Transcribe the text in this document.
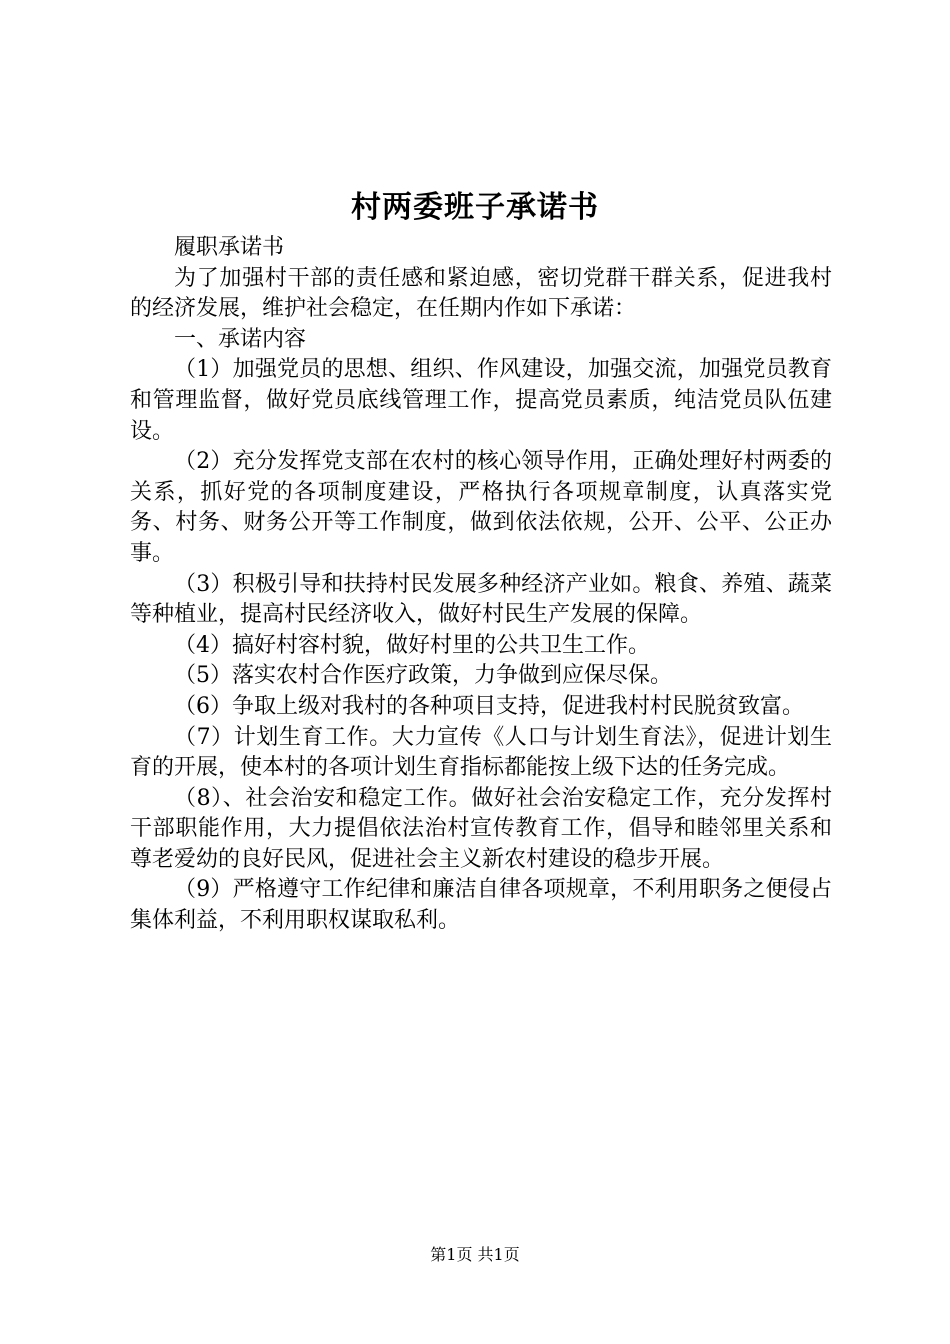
村两委班子承诺书

履职承诺书

为了加强村干部的责任感和紧迫感，密切党群干群关系，促进我村的经济发展，维护社会稳定，在任期内作如下承诺：

一、承诺内容

（1）加强党员的思想、组织、作风建设，加强交流，加强党员教育和管理监督，做好党员底线管理工作，提高党员素质，纯洁党员队伍建设。

（2）充分发挥党支部在农村的核心领导作用，正确处理好村两委的关系，抓好党的各项制度建设，严格执行各项规章制度，认真落实党务、村务、财务公开等工作制度，做到依法依规，公开、公平、公正办事。

（3）积极引导和扶持村民发展多种经济产业如。粮食、养殖、蔬菜等种植业，提高村民经济收入，做好村民生产发展的保障。

（4）搞好村容村貌，做好村里的公共卫生工作。

（5）落实农村合作医疗政策，力争做到应保尽保。

（6）争取上级对我村的各种项目支持，促进我村村民脱贫致富。

（7）计划生育工作。大力宣传《人口与计划生育法》，促进计划生育的开展，使本村的各项计划生育指标都能按上级下达的任务完成。

（8）、社会治安和稳定工作。做好社会治安稳定工作，充分发挥村干部职能作用，大力提倡依法治村宣传教育工作，倡导和睦邻里关系和尊老爱幼的良好民风，促进社会主义新农村建设的稳步开展。

（9）严格遵守工作纪律和廉洁自律各项规章，不利用职务之便侵占集体利益，不利用职权谋取私利。

第1页 共1页
